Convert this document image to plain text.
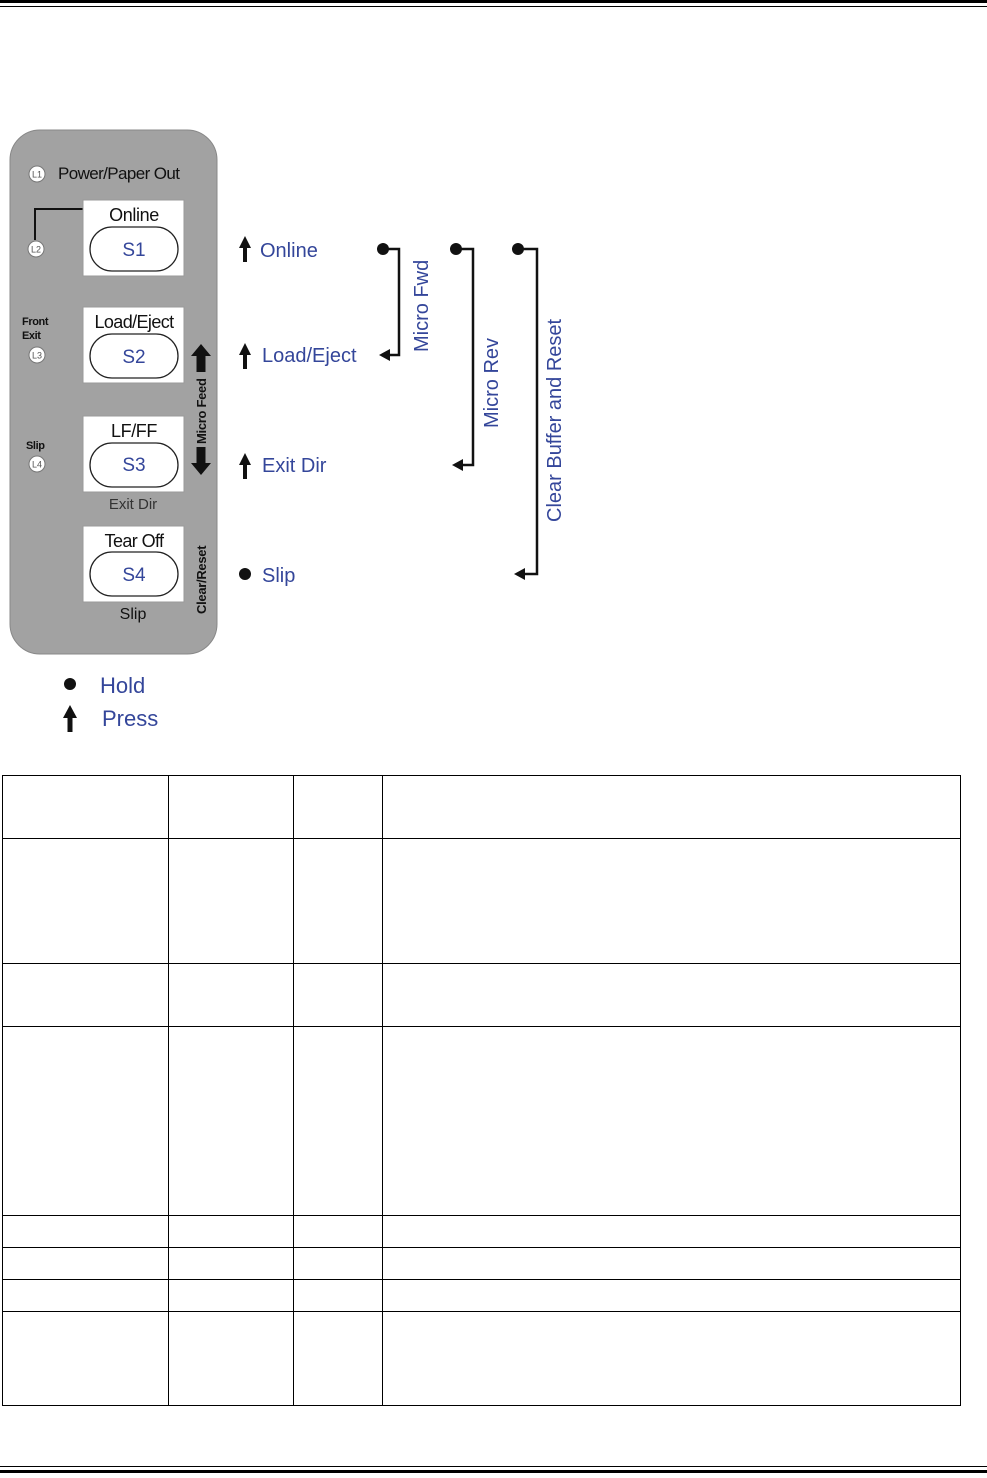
L1 Power/Paper Out
L2
Front
Exit
L3
Slip
L4
Online
S1
Load/Eject
S2
LF/FF
S3
Exit Dir
Tear Off
S4
Slip
Micro Feed
Clear/Reset
Online
Load/Eject
Exit Dir
Slip
Micro Fwd
Micro Rev Clear Buffer and Reset
Hold
Press
